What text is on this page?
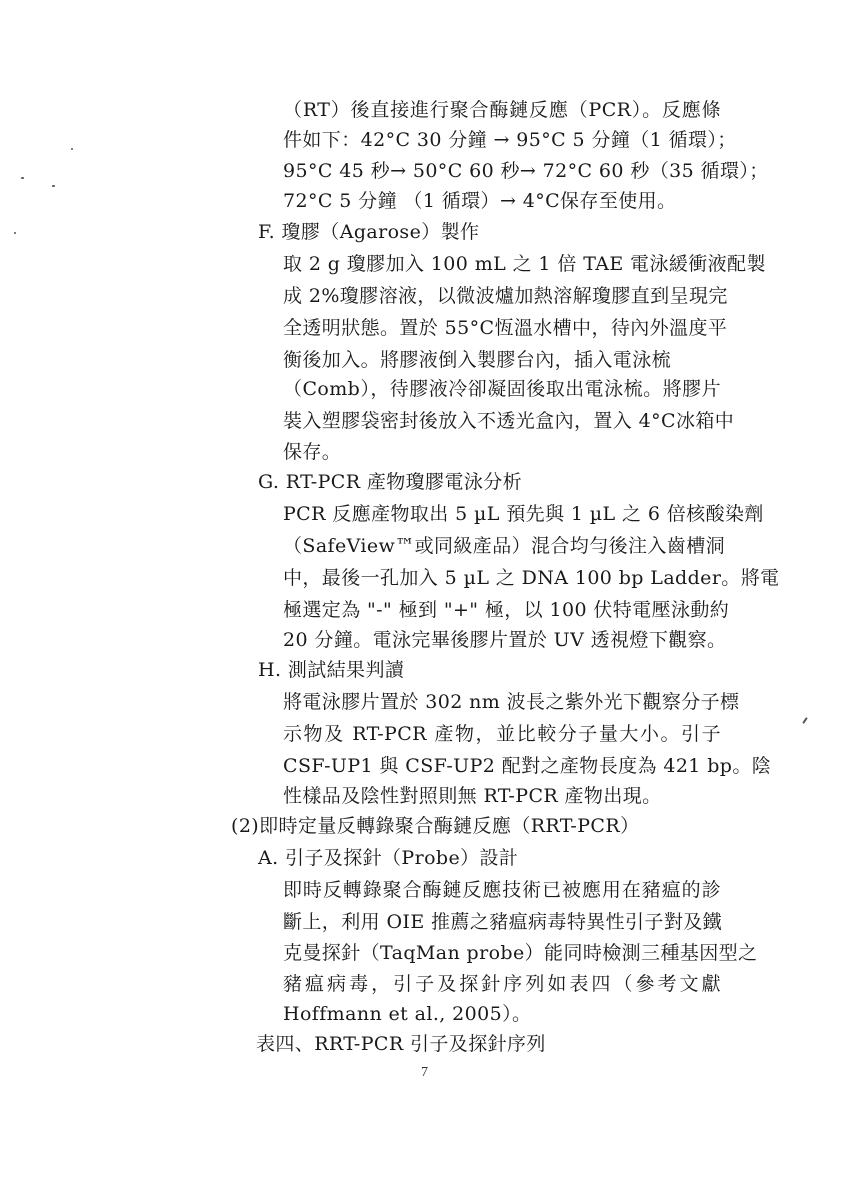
（RT）後直接進行聚合酶鏈反應（PCR）。反應條
件如下：42°C 30 分鐘 → 95°C 5 分鐘（1 循環）；
95°C 45 秒→ 50°C 60 秒→ 72°C 60 秒（35 循環）；
72°C 5 分鐘 （1 循環）→ 4°C保存至使用。
F. 瓊膠（Agarose）製作
取 2 g 瓊膠加入 100 mL 之 1 倍 TAE 電泳緩衝液配製
成 2%瓊膠溶液，以微波爐加熱溶解瓊膠直到呈現完
全透明狀態。置於 55°C恆溫水槽中，待內外溫度平
衡後加入。將膠液倒入製膠台內，插入電泳梳
（Comb），待膠液冷卻凝固後取出電泳梳。將膠片
裝入塑膠袋密封後放入不透光盒內，置入 4°C冰箱中
保存。
G. RT-PCR 產物瓊膠電泳分析
PCR 反應產物取出 5 µL 預先與 1 µL 之 6 倍核酸染劑
（SafeView™或同級產品）混合均勻後注入齒槽洞
中，最後一孔加入 5 µL 之 DNA 100 bp Ladder。將電
極選定為 "-" 極到 "+" 極，以 100 伏特電壓泳動約
20 分鐘。電泳完畢後膠片置於 UV 透視燈下觀察。
H. 測試結果判讀
將電泳膠片置於 302 nm 波長之紫外光下觀察分子標
示物及 RT-PCR 產物，並比較分子量大小。引子
CSF-UP1 與 CSF-UP2 配對之產物長度為 421 bp。陰
性樣品及陰性對照則無 RT-PCR 產物出現。
(2)即時定量反轉錄聚合酶鏈反應（RRT-PCR）
A. 引子及探針（Probe）設計
即時反轉錄聚合酶鏈反應技術已被應用在豬瘟的診
斷上，利用 OIE 推薦之豬瘟病毒特異性引子對及鐵
克曼探針（TaqMan probe）能同時檢測三種基因型之
豬瘟病毒，引子及探針序列如表四（參考文獻
Hoffmann et al., 2005）。
表四、RRT-PCR 引子及探針序列
7
